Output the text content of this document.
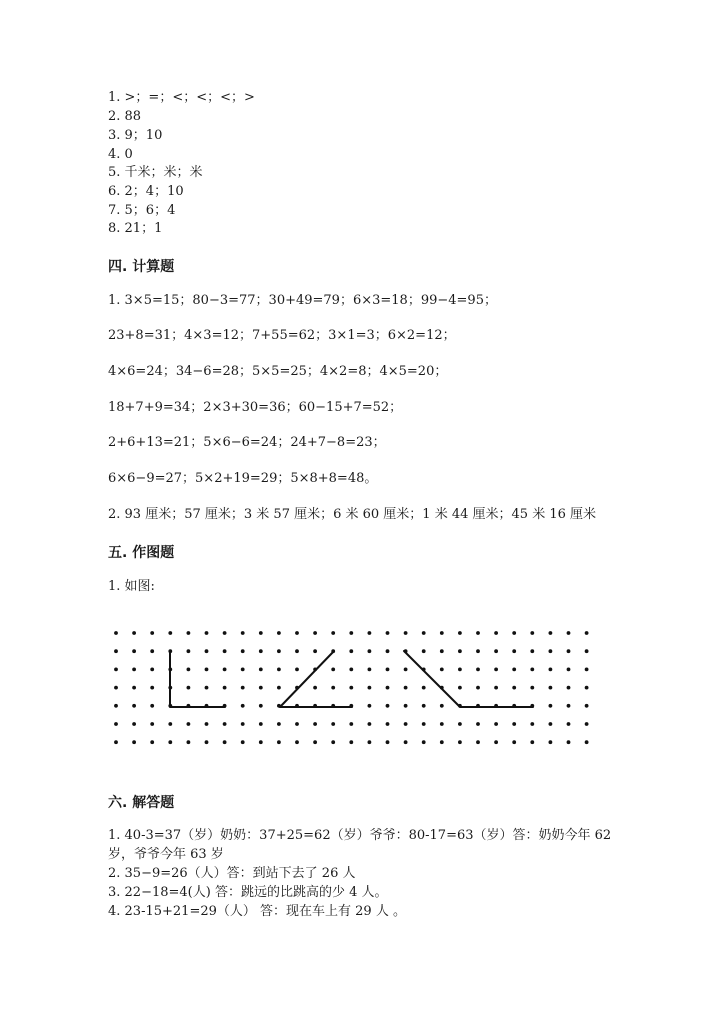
1. >；=；<；<；<；>
2. 88
3. 9；10
4. 0
5. 千米；米；米
6. 2；4；10
7. 5；6；4
8. 21；1
四. 计算题
1. 3×5=15；80−3=77；30+49=79；6×3=18；99−4=95；
23+8=31；4×3=12；7+55=62；3×1=3；6×2=12；
4×6=24；34−6=28；5×5=25；4×2=8；4×5=20；
18+7+9=34；2×3+30=36；60−15+7=52；
2+6+13=21；5×6−6=24；24+7−8=23；
6×6−9=27；5×2+19=29；5×8+8=48。
2. 93 厘米；57 厘米；3 米 57 厘米；6 米 60 厘米；1 米 44 厘米；45 米 16 厘米
五. 作图题
1. 如图:
六. 解答题
1. 40-3=37（岁）奶奶：37+25=62（岁）爷爷：80-17=63（岁）答：奶奶今年 62
岁，爷爷今年 63 岁
2. 35−9=26（人）答：到站下去了 26 人
3. 22−18=4(人) 答：跳远的比跳高的少 4 人。
4. 23-15+21=29（人） 答：现在车上有 29 人 。
